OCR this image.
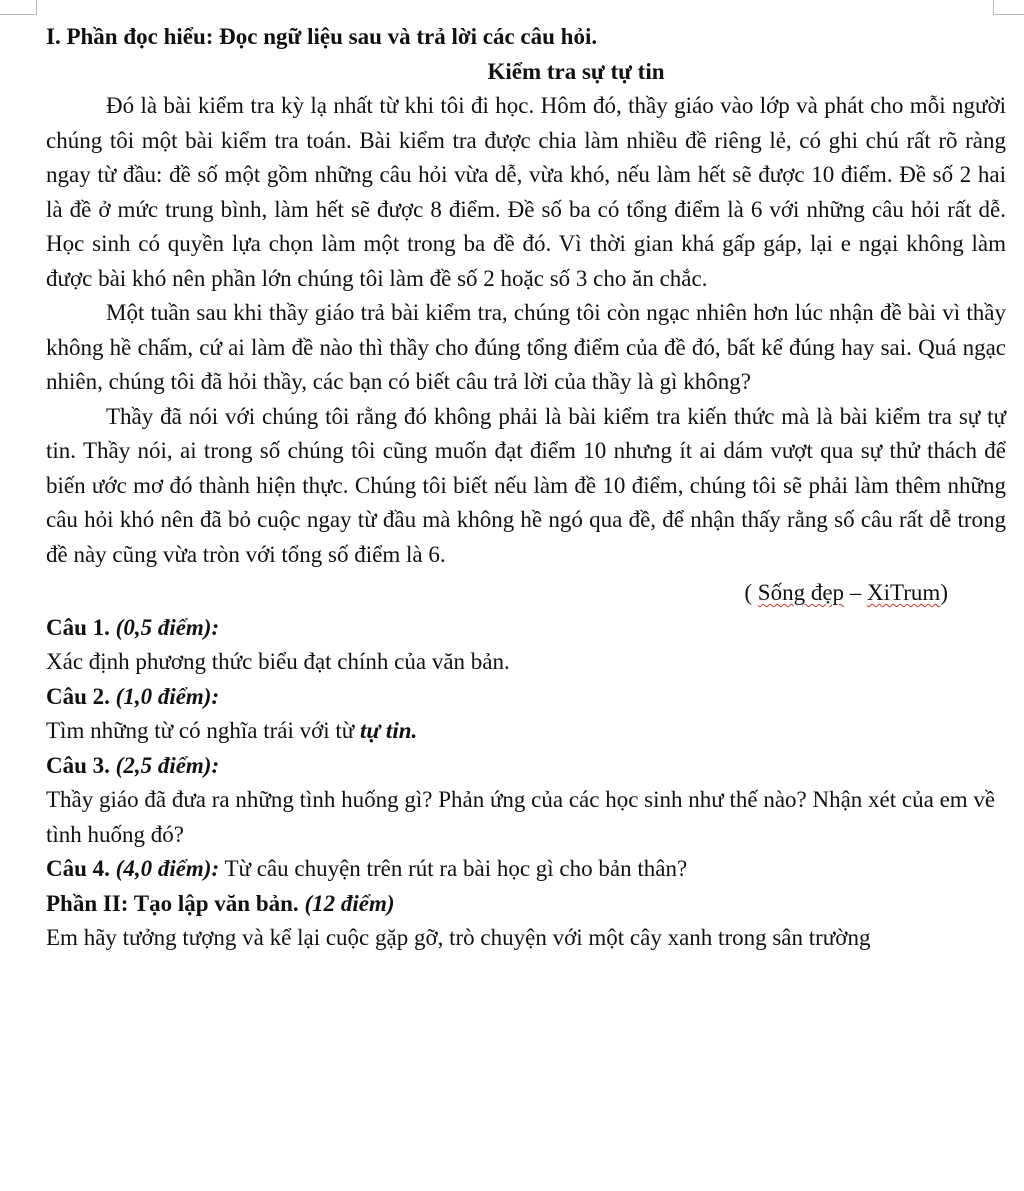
I. Phần đọc hiểu: Đọc ngữ liệu sau và trả lời các câu hỏi.

Kiểm tra sự tự tin

Đó là bài kiểm tra kỳ lạ nhất từ khi tôi đi học. Hôm đó, thầy giáo vào lớp và phát cho mỗi người chúng tôi một bài kiểm tra toán. Bài kiểm tra được chia làm nhiều đề riêng lẻ, có ghi chú rất rõ ràng ngay từ đầu: đề số một gồm những câu hỏi vừa dễ, vừa khó, nếu làm hết sẽ được 10 điểm. Đề số 2 hai là đề ở mức trung bình, làm hết sẽ được 8 điểm. Đề số ba có tổng điểm là 6 với những câu hỏi rất dễ. Học sinh có quyền lựa chọn làm một trong ba đề đó. Vì thời gian khá gấp gáp, lại e ngại không làm được bài khó nên phần lớn chúng tôi làm đề số 2 hoặc số 3 cho ăn chắc.

Một tuần sau khi thầy giáo trả bài kiểm tra, chúng tôi còn ngạc nhiên hơn lúc nhận đề bài vì thầy không hề chấm, cứ ai làm đề nào thì thầy cho đúng tổng điểm của đề đó, bất kể đúng hay sai. Quá ngạc nhiên, chúng tôi đã hỏi thầy, các bạn có biết câu trả lời của thầy là gì không?

Thầy đã nói với chúng tôi rằng đó không phải là bài kiểm tra kiến thức mà là bài kiểm tra sự tự tin. Thầy nói, ai trong số chúng tôi cũng muốn đạt điểm 10 nhưng ít ai dám vượt qua sự thử thách để biến ước mơ đó thành hiện thực. Chúng tôi biết nếu làm đề 10 điểm, chúng tôi sẽ phải làm thêm những câu hỏi khó nên đã bỏ cuộc ngay từ đầu mà không hề ngó qua đề, để nhận thấy rằng số câu rất dễ trong đề này cũng vừa tròn với tổng số điểm là 6.

( Sống đẹp – XiTrum)

Câu 1. (0,5 điểm):

Xác định phương thức biểu đạt chính của văn bản.

Câu 2. (1,0 điểm):

Tìm những từ có nghĩa trái với từ tự tin.

Câu 3. (2,5 điểm):

Thầy giáo đã đưa ra những tình huống gì? Phản ứng của các học sinh như thế nào? Nhận xét của em về tình huống đó?

Câu 4. (4,0 điểm): Từ câu chuyện trên rút ra bài học gì cho bản thân?

Phần II: Tạo lập văn bản. (12 điểm)

Em hãy tưởng tượng và kể lại cuộc gặp gỡ, trò chuyện với một cây xanh trong sân trường
